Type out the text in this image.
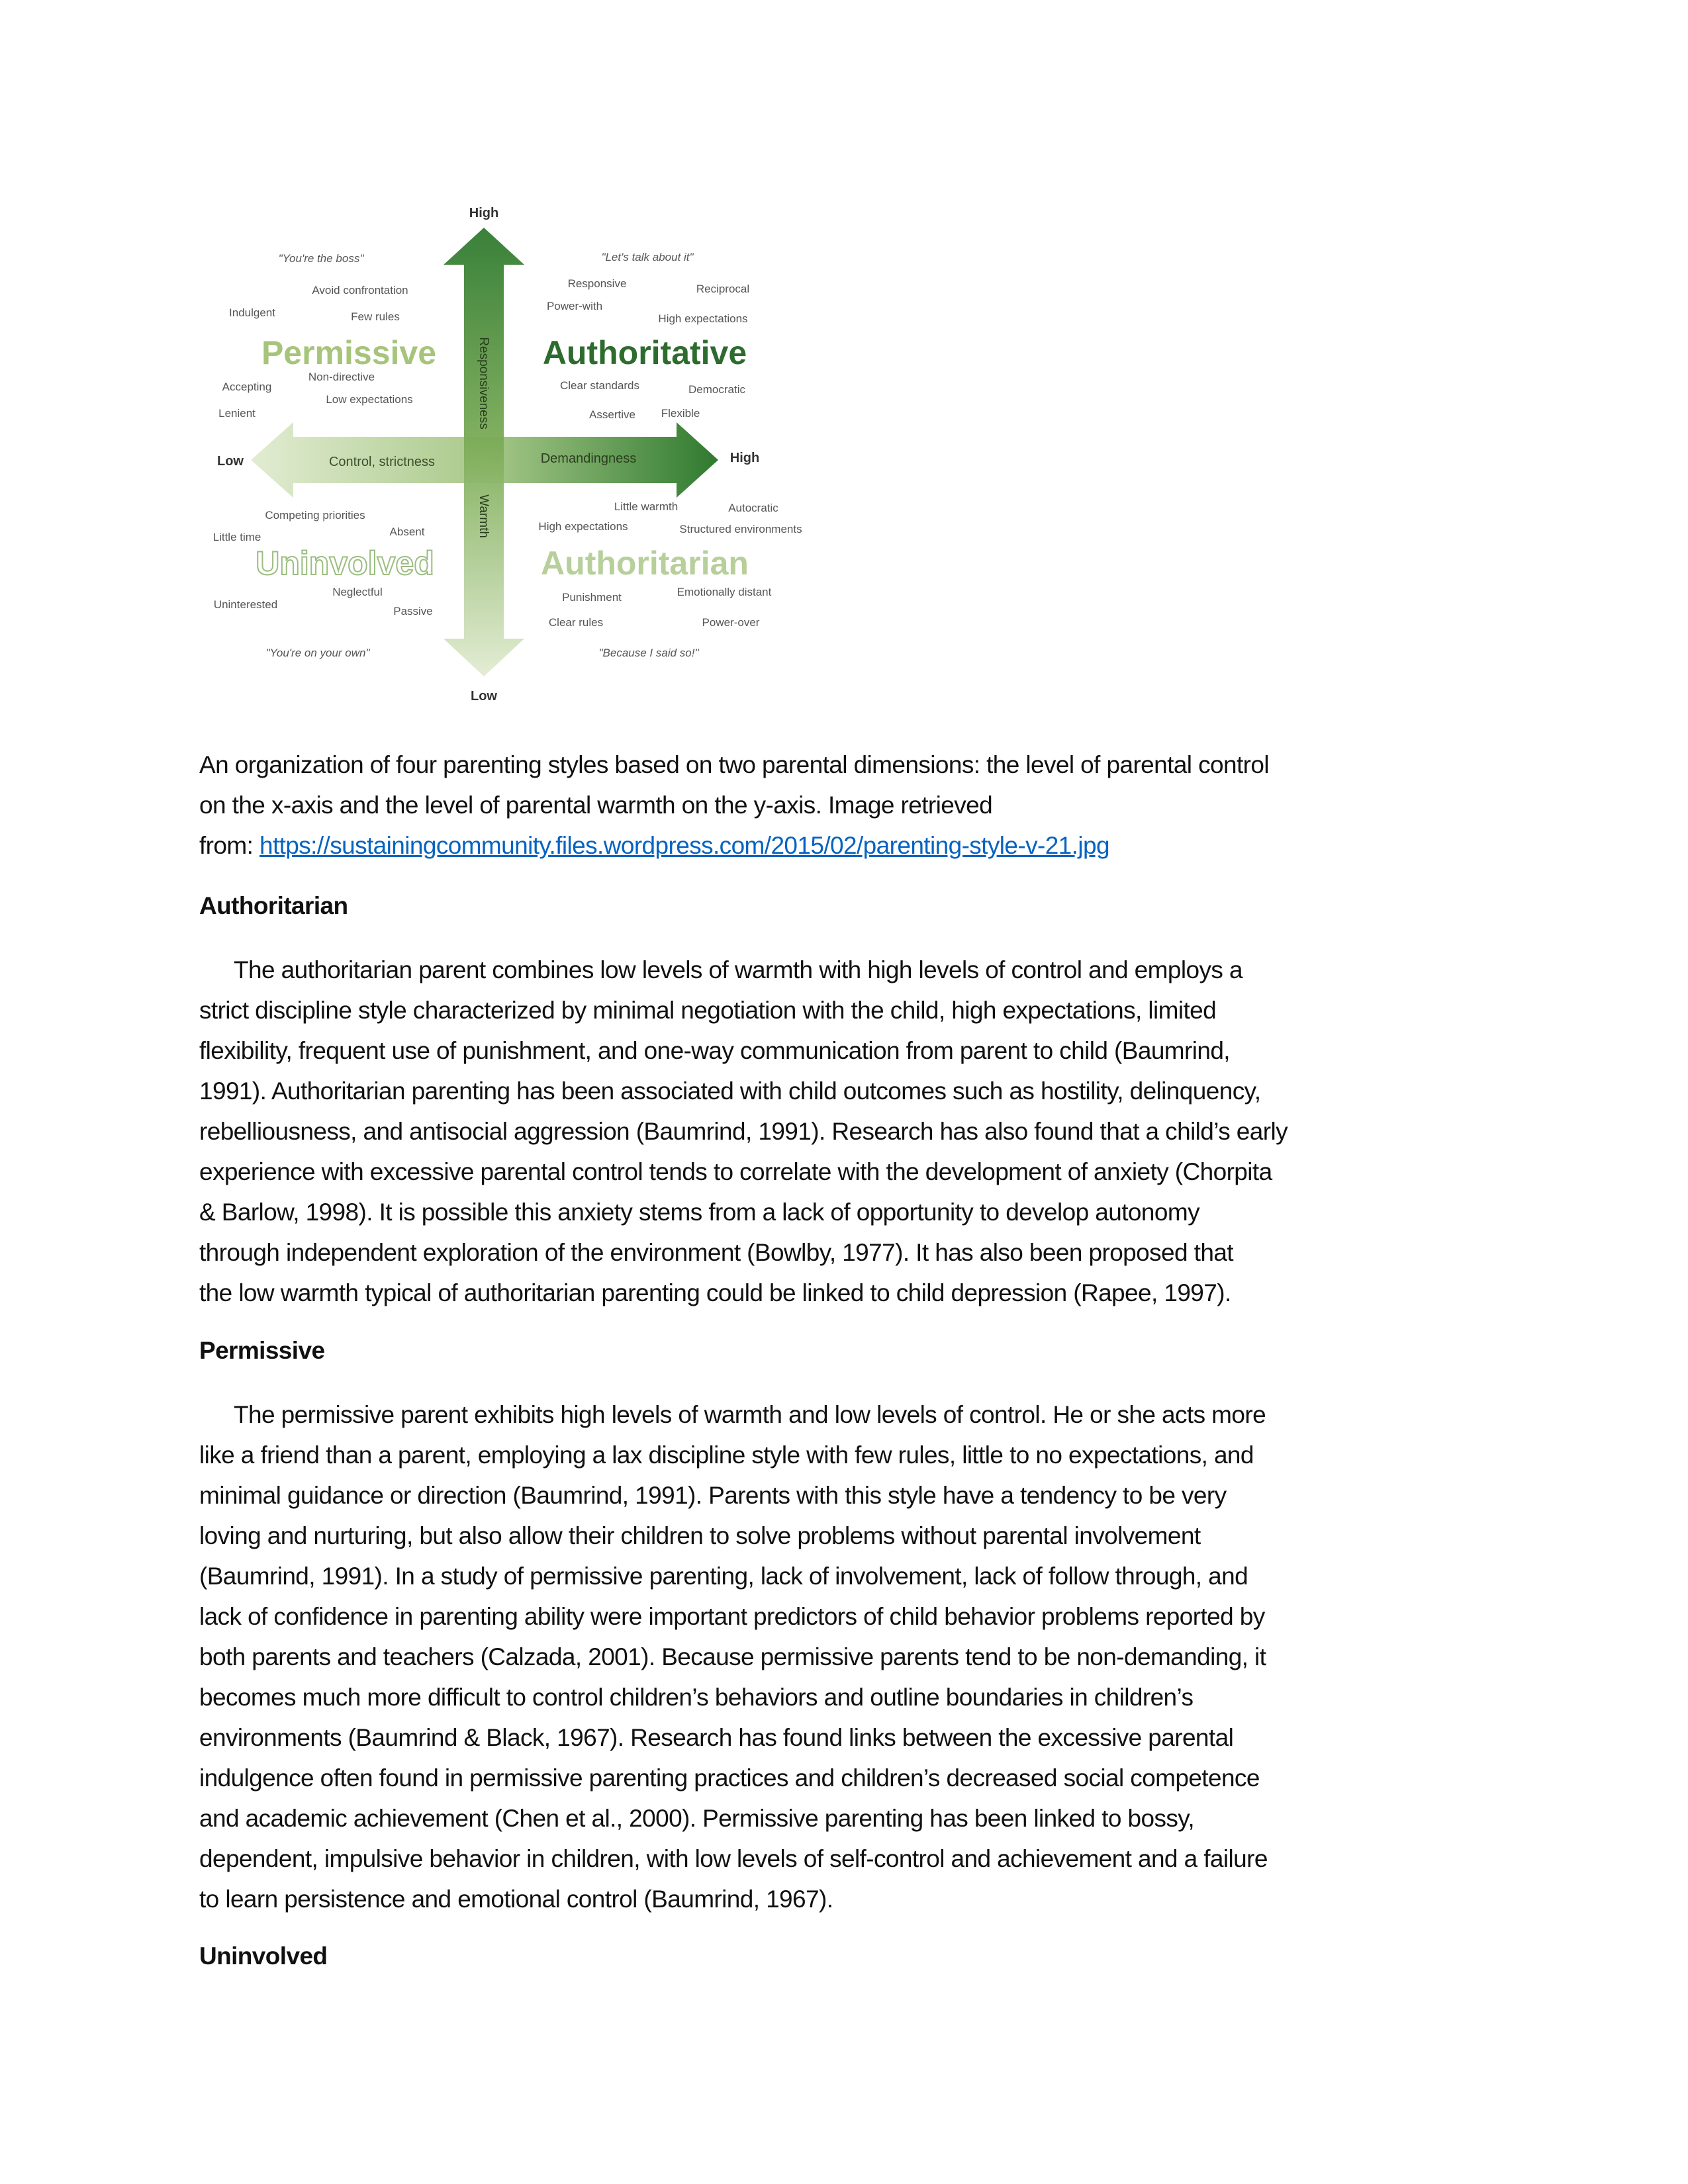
High
Low
Low	High
Control, strictness	Demandingness
Responsiveness
Warmth
Permissive
"You're the boss"
Avoid confrontation
Indulgent	Few rules
Accepting
Non-directive
Low expectations
Lenient
Authoritative
"Let's talk about it"
Responsive	Reciprocal
Power-with
High expectations
Clear standards	Democratic
Assertive Flexible
Uninvolved
Competing priorities
Absent
Little time
Neglectful
Uninterested
Passive
"You're on your own"
Authoritarian
Little warmth	Autocratic
High expectations	Structured environments
Emotionally distant
Punishment
Clear rules	Power-over
"Because I said so!"
An organization of four parenting styles based on two parental dimensions: the level of parental control
on the x-axis and the level of parental warmth on the y-axis. Image retrieved
from: https://sustainingcommunity.files.wordpress.com/2015/02/parenting-style-v-21.jpg
Authoritarian
The authoritarian parent combines low levels of warmth with high levels of control and employs a
strict discipline style characterized by minimal negotiation with the child, high expectations, limited
flexibility, frequent use of punishment, and one-way communication from parent to child (Baumrind,
1991). Authoritarian parenting has been associated with child outcomes such as hostility, delinquency,
rebelliousness, and antisocial aggression (Baumrind, 1991). Research has also found that a child’s early
experience with excessive parental control tends to correlate with the development of anxiety (Chorpita
& Barlow, 1998). It is possible this anxiety stems from a lack of opportunity to develop autonomy
through independent exploration of the environment (Bowlby, 1977). It has also been proposed that
the low warmth typical of authoritarian parenting could be linked to child depression (Rapee, 1997).
Permissive
The permissive parent exhibits high levels of warmth and low levels of control. He or she acts more
like a friend than a parent, employing a lax discipline style with few rules, little to no expectations, and
minimal guidance or direction (Baumrind, 1991). Parents with this style have a tendency to be very
loving and nurturing, but also allow their children to solve problems without parental involvement
(Baumrind, 1991). In a study of permissive parenting, lack of involvement, lack of follow through, and
lack of confidence in parenting ability were important predictors of child behavior problems reported by
both parents and teachers (Calzada, 2001). Because permissive parents tend to be non-demanding, it
becomes much more difficult to control children’s behaviors and outline boundaries in children’s
environments (Baumrind & Black, 1967). Research has found links between the excessive parental
indulgence often found in permissive parenting practices and children’s decreased social competence
and academic achievement (Chen et al., 2000). Permissive parenting has been linked to bossy,
dependent, impulsive behavior in children, with low levels of self-control and achievement and a failure
to learn persistence and emotional control (Baumrind, 1967).
Uninvolved
